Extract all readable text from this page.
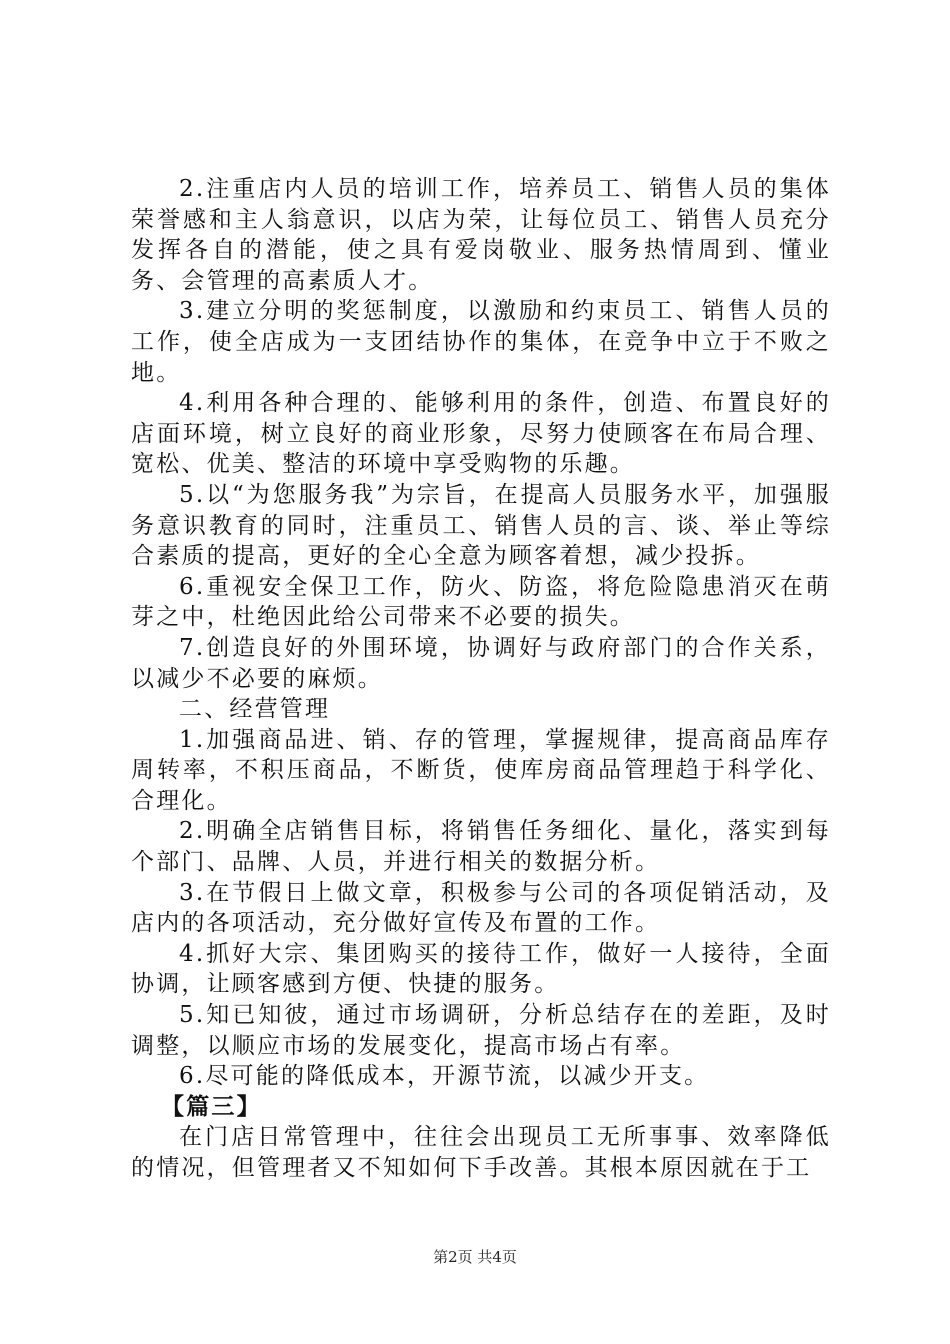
2.注重店内人员的培训工作，培养员工、销售人员的集体荣誉感和主人翁意识，以店为荣，让每位员工、销售人员充分发挥各自的潜能，使之具有爱岗敬业、服务热情周到、懂业务、会管理的高素质人才。

3.建立分明的奖惩制度，以激励和约束员工、销售人员的工作，使全店成为一支团结协作的集体，在竞争中立于不败之地。

4.利用各种合理的、能够利用的条件，创造、布置良好的店面环境，树立良好的商业形象，尽努力使顾客在布局合理、宽松、优美、整洁的环境中享受购物的乐趣。

5.以“为您服务我”为宗旨，在提高人员服务水平，加强服务意识教育的同时，注重员工、销售人员的言、谈、举止等综合素质的提高，更好的全心全意为顾客着想，减少投拆。

6.重视安全保卫工作，防火、防盗，将危险隐患消灭在萌芽之中，杜绝因此给公司带来不必要的损失。

7.创造良好的外围环境，协调好与政府部门的合作关系，以减少不必要的麻烦。

二、经营管理

1.加强商品进、销、存的管理，掌握规律，提高商品库存周转率，不积压商品，不断货，使库房商品管理趋于科学化、合理化。

2.明确全店销售目标，将销售任务细化、量化，落实到每个部门、品牌、人员，并进行相关的数据分析。

3.在节假日上做文章，积极参与公司的各项促销活动，及店内的各项活动，充分做好宣传及布置的工作。

4.抓好大宗、集团购买的接待工作，做好一人接待，全面协调，让顾客感到方便、快捷的服务。

5.知已知彼，通过市场调研，分析总结存在的差距，及时调整，以顺应市场的发展变化，提高市场占有率。

6.尽可能的降低成本，开源节流，以减少开支。

【篇三】

在门店日常管理中，往往会出现员工无所事事、效率降低的情况，但管理者又不知如何下手改善。其根本原因就在于工

第2页 共4页
